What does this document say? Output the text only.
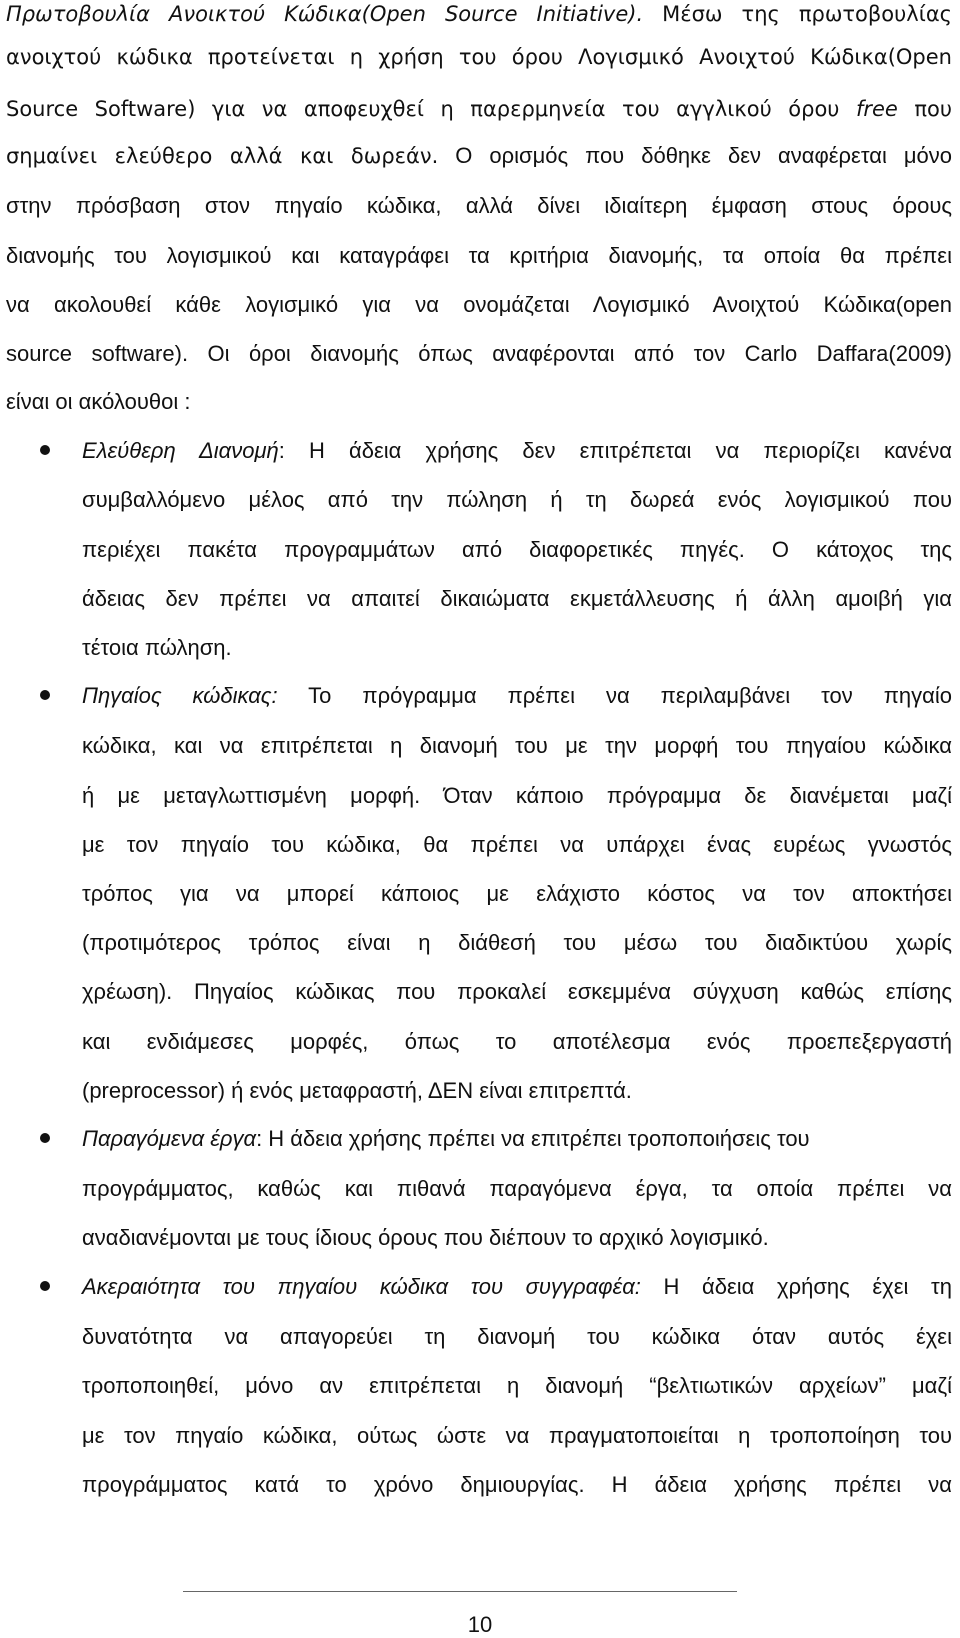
Πρωτοβουλία Ανοικτού Κώδικα(Open Source Initiative). Μέσω της πρωτοβουλίας
ανοιχτού κώδικα προτείνεται η χρήση του όρου Λογισμικό Ανοιχτού Κώδικα(Open
Source Software) για να αποφευχθεί η παρερμηνεία του αγγλικού όρου free που
σημαίνει ελεύθερο αλλά και δωρεάν. Ο ορισμός που δόθηκε δεν αναφέρεται μόνο
στην πρόσβαση στον πηγαίο κώδικα, αλλά δίνει ιδιαίτερη έμφαση στους όρους
διανομής του λογισμικού και καταγράφει τα κριτήρια διανομής, τα οποία θα πρέπει
να ακολουθεί κάθε λογισμικό για να ονομάζεται Λογισμικό Ανοιχτού Κώδικα(open
source software). Οι όροι διανομής όπως αναφέρονται από τον Carlo Daffara(2009)
είναι οι ακόλουθοι :
Ελεύθερη Διανομή: Η άδεια χρήσης δεν επιτρέπεται να περιορίζει κανένα
συμβαλλόμενο μέλος από την πώληση ή τη δωρεά ενός λογισμικού που
περιέχει πακέτα προγραμμάτων από διαφορετικές πηγές. Ο κάτοχος της
άδειας δεν πρέπει να απαιτεί δικαιώματα εκμετάλλευσης ή άλλη αμοιβή για
τέτοια πώληση.
Πηγαίος κώδικας: Το πρόγραμμα πρέπει να περιλαμβάνει τον πηγαίο
κώδικα, και να επιτρέπεται η διανομή του με την μορφή του πηγαίου κώδικα
ή με μεταγλωττισμένη μορφή. Όταν κάποιο πρόγραμμα δε διανέμεται μαζί
με τον πηγαίο του κώδικα, θα πρέπει να υπάρχει ένας ευρέως γνωστός
τρόπος για να μπορεί κάποιος με ελάχιστο κόστος να τον αποκτήσει
(προτιμότερος τρόπος είναι η διάθεσή του μέσω του διαδικτύου χωρίς
χρέωση). Πηγαίος κώδικας που προκαλεί εσκεμμένα σύγχυση καθώς επίσης
και ενδιάμεσες μορφές, όπως το αποτέλεσμα ενός προεπεξεργαστή
(preprocessor) ή ενός μεταφραστή, ΔΕΝ είναι επιτρεπτά.
Παραγόμενα έργα: Η άδεια χρήσης πρέπει να επιτρέπει τροποποιήσεις του
προγράμματος, καθώς και πιθανά παραγόμενα έργα, τα οποία πρέπει να
αναδιανέμονται με τους ίδιους όρους που διέπουν το αρχικό λογισμικό.
Ακεραιότητα του πηγαίου κώδικα του συγγραφέα: Η άδεια χρήσης έχει τη
δυνατότητα να απαγορεύει τη διανομή του κώδικα όταν αυτός έχει
τροποποιηθεί, μόνο αν επιτρέπεται η διανομή “βελτιωτικών αρχείων” μαζί
με τον πηγαίο κώδικα, ούτως ώστε να πραγματοποιείται η τροποποίηση του
προγράμματος κατά το χρόνο δημιουργίας. Η άδεια χρήσης πρέπει να
10
